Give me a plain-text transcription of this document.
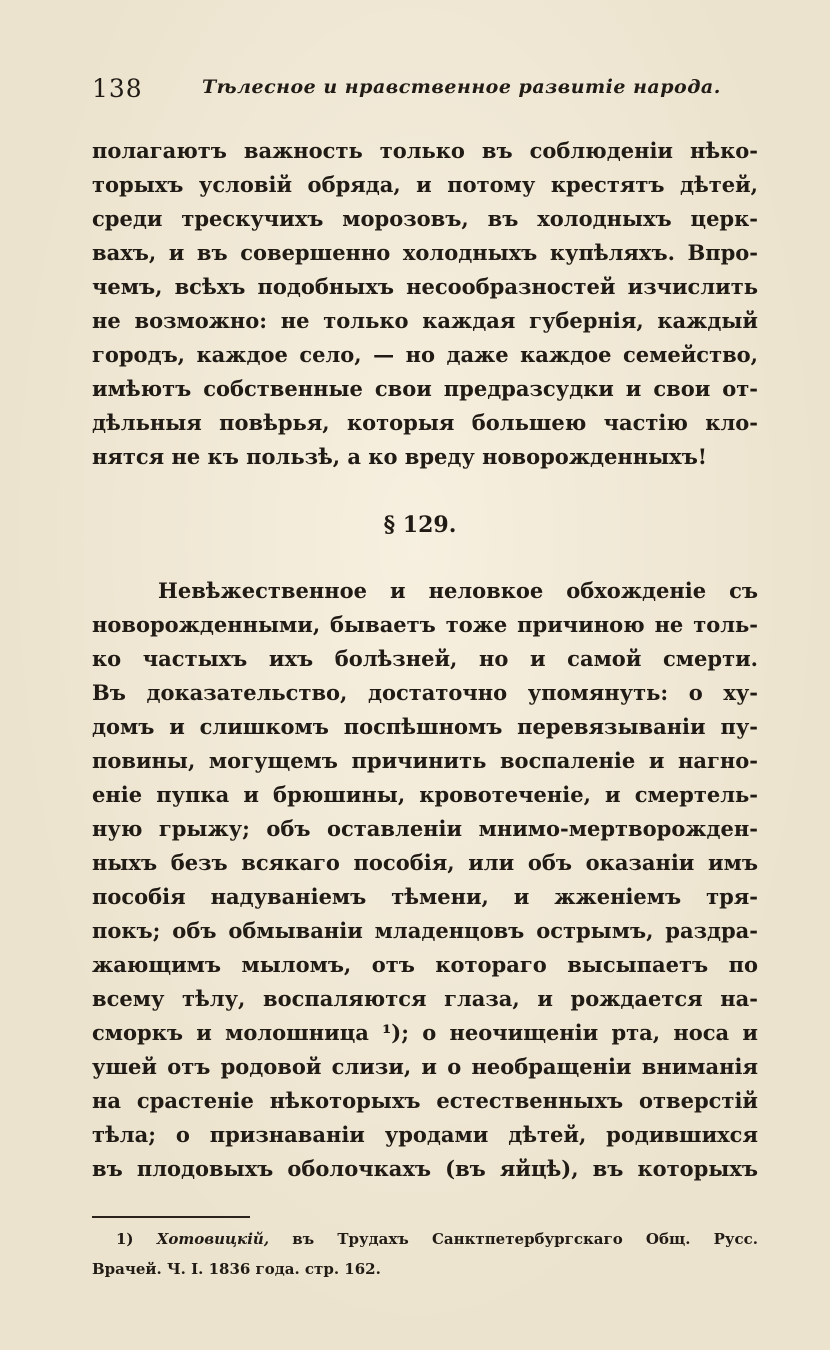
138	Тѣлесное и нравственное развитіе народа.
полагаютъ важность только въ соблюденіи нѣко-
торыхъ условій обряда, и потому крестятъ дѣтей,
среди трескучихъ морозовъ, въ холодныхъ церк-
вахъ, и въ совершенно холодныхъ купѣляхъ. Впро-
чемъ, всѣхъ подобныхъ несообразностей изчислить
не возможно: не только каждая губернія, каждый
городъ, каждое село, — но даже каждое семейство,
имѣютъ собственные свои предразсудки и свои от-
дѣльныя повѣрья, которыя большею частію кло-
нятся не къ пользѣ, а ко вреду новорожденныхъ!
§ 129.
Невѣжественное и неловкое обхожденіе съ
новорожденными, бываетъ тоже причиною не толь-
ко частыхъ ихъ болѣзней, но и самой смерти.
Въ доказательство, достаточно упомянуть: о ху-
домъ и слишкомъ поспѣшномъ перевязываніи пу-
повины, могущемъ причинить воспаленіе и нагно-
еніе пупка и брюшины, кровотеченіе, и смертель-
ную грыжу; объ оставленіи мнимо-мертворожден-
ныхъ безъ всякаго пособія, или объ оказаніи имъ
пособія надуваніемъ тѣмени, и жженіемъ тря-
покъ; объ обмываніи младенцовъ острымъ, раздра-
жающимъ мыломъ, отъ котораго высыпаетъ по
всему тѣлу, воспаляются глаза, и рождается на-
сморкъ и молошница ¹); о неочищеніи рта, носа и
ушей отъ родовой слизи, и о необращеніи вниманія
на срастеніе нѣкоторыхъ естественныхъ отверстій
тѣла; о признаваніи уродами дѣтей, родившихся
въ плодовыхъ оболочкахъ (въ яйцѣ), въ которыхъ
1) Хотовицкій, въ Трудахъ Санктпетербургскаго Общ. Русс.
Врачей. Ч. I. 1836 года. стр. 162.
